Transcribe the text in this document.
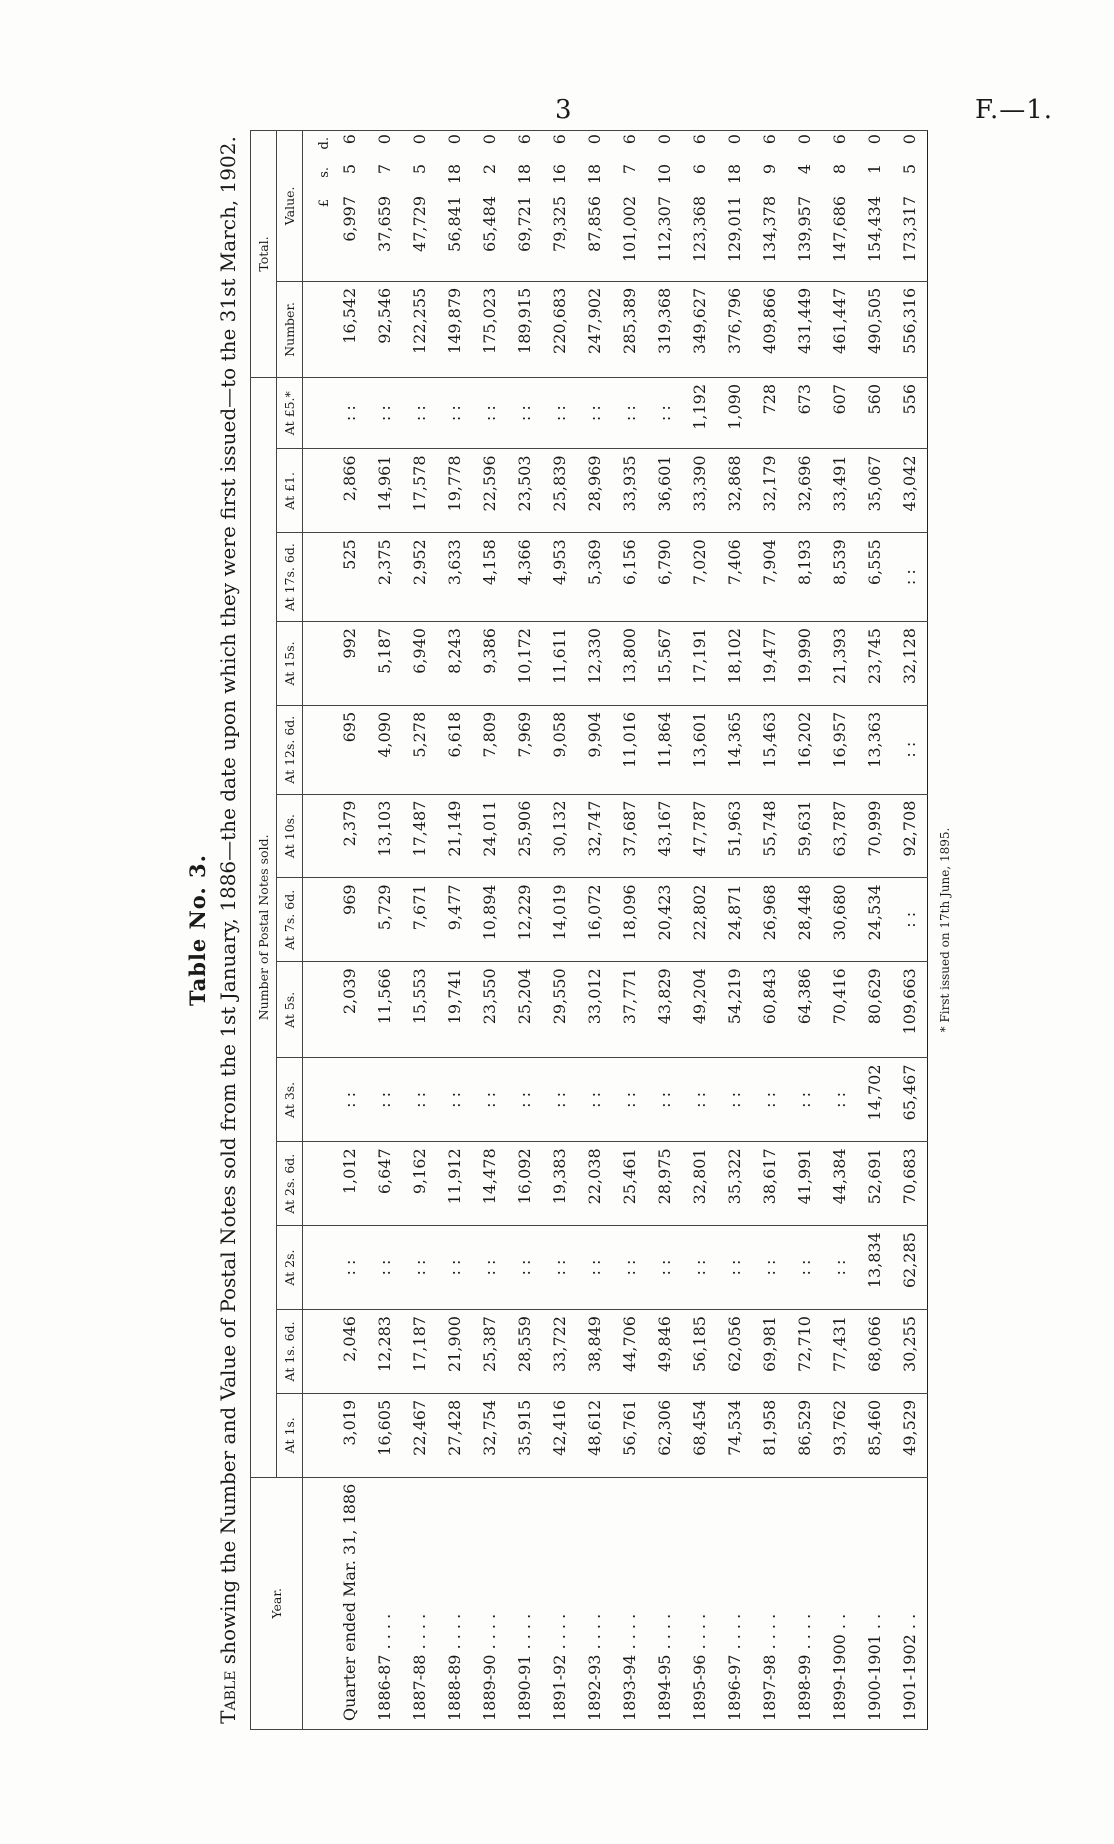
3	F.—1.
Table No. 3.
Table showing the Number and Value of Postal Notes sold from the 1st January, 1886—the date upon which they were first issued—to the 31st March, 1902. Year.	Number of Postal Notes sold.													Total.			
	At 1s.	At 1s. 6d.	At 2s.	At 2s. 6d.	At 3s.	At 5s.	At 7s. 6d.	At 10s.	At 12s. 6d.	At 15s.	At 17s. 6d.	At £1.	At £5.*	Number.	Value.		
															£	s.	d.
Quarter ended Mar. 31, 1886	3,019	2,046	: :	1,012	: :	2,039	969	2,379	695	992	525	2,866	: :	16,542	6,997	5	6
1886-87 . . . .	16,605	12,283	: :	6,647	: :	11,566	5,729	13,103	4,090	5,187	2,375	14,961	: :	92,546	37,659	7	0
1887-88 . . . .	22,467	17,187	: :	9,162	: :	15,553	7,671	17,487	5,278	6,940	2,952	17,578	: :	122,255	47,729	5	0
1888-89 . . . .	27,428	21,900	: :	11,912	: :	19,741	9,477	21,149	6,618	8,243	3,633	19,778	: :	149,879	56,841	18	0
1889-90 . . . .	32,754	25,387	: :	14,478	: :	23,550	10,894	24,011	7,809	9,386	4,158	22,596	: :	175,023	65,484	2	0
1890-91 . . . .	35,915	28,559	: :	16,092	: :	25,204	12,229	25,906	7,969	10,172	4,366	23,503	: :	189,915	69,721	18	6
1891-92 . . . .	42,416	33,722	: :	19,383	: :	29,550	14,019	30,132	9,058	11,611	4,953	25,839	: :	220,683	79,325	16	6
1892-93 . . . .	48,612	38,849	: :	22,038	: :	33,012	16,072	32,747	9,904	12,330	5,369	28,969	: :	247,902	87,856	18	0
1893-94 . . . .	56,761	44,706	: :	25,461	: :	37,771	18,096	37,687	11,016	13,800	6,156	33,935	: :	285,389	101,002	7	6
1894-95 . . . .	62,306	49,846	: :	28,975	: :	43,829	20,423	43,167	11,864	15,567	6,790	36,601	: :	319,368	112,307	10	0
1895-96 . . . .	68,454	56,185	: :	32,801	: :	49,204	22,802	47,787	13,601	17,191	7,020	33,390	1,192	349,627	123,368	6	6
1896-97 . . . .	74,534	62,056	: :	35,322	: :	54,219	24,871	51,963	14,365	18,102	7,406	32,868	1,090	376,796	129,011	18	0
1897-98 . . . .	81,958	69,981	: :	38,617	: :	60,843	26,968	55,748	15,463	19,477	7,904	32,179	728	409,866	134,378	9	6
1898-99 . . . .	86,529	72,710	: :	41,991	: :	64,386	28,448	59,631	16,202	19,990	8,193	32,696	673	431,449	139,957	4	0
1899-1900 . .	93,762	77,431	: :	44,384	: :	70,416	30,680	63,787	16,957	21,393	8,539	33,491	607	461,447	147,686	8	6
1900-1901 . .	85,460	68,066	13,834	52,691	14,702	80,629	24,534	70,999	13,363	23,745	6,555	35,067	560	490,505	154,434	1	0
1901-1902 . .	49,529	30,255	62,285	70,683	65,467	109,663	: :	92,708	: :	32,128	: :	43,042	556	556,316	173,317	5	0
* First issued on 17th June, 1895.
